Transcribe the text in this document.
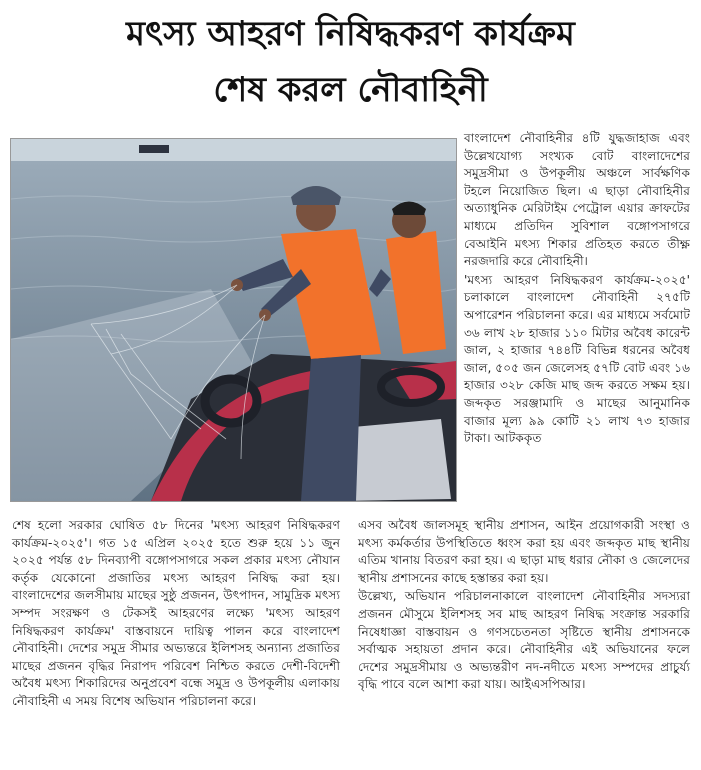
মৎস্য আহরণ নিষিদ্ধকরণ কার্যক্রম
শেষ করল নৌবাহিনী

বাংলাদেশ নৌবাহিনীর ৪টি যুদ্ধজাহাজ এবং উল্লেখযোগ্য সংখ্যক বোট বাংলাদেশের সমুদ্রসীমা ও উপকূলীয় অঞ্চলে সার্বক্ষণিক টহলে নিয়োজিত ছিল। এ ছাড়া নৌবাহিনীর অত্যাধুনিক মেরিটাইম পেট্রোল এয়ার ক্রাফটের মাধ্যমে প্রতিদিন সুবিশাল বঙ্গোপসাগরে বেআইনি মৎস্য শিকার প্রতিহত করতে তীক্ষ্ণ নরজদারি করে নৌবাহিনী।

'মৎস্য আহরণ নিষিদ্ধকরণ কার্যক্রম-২০২৫' চলাকালে বাংলাদেশ নৌবাহিনী ২৭৫টি অপারেশন পরিচালনা করে। এর মাধ্যমে সর্বমোট ৩৬ লাখ ২৮ হাজার ১১০ মিটার অবৈধ কারেন্ট জাল, ২ হাজার ৭৪৪টি বিভিন্ন ধরনের অবৈধ জাল, ৫০৫ জন জেলেসহ ৫৭টি বোট এবং ১৬ হাজার ৩২৮ কেজি মাছ জব্দ করতে সক্ষম হয়। জব্দকৃত সরঞ্জামাদি ও মাছের আনুমানিক বাজার মূল্য ৯৯ কোটি ২১ লাখ ৭৩ হাজার টাকা। আটককৃত

শেষ হলো সরকার ঘোষিত ৫৮ দিনের 'মৎস্য আহরণ নিষিদ্ধকরণ কার্যক্রম-২০২৫'। গত ১৫ এপ্রিল ২০২৫ হতে শুরু হয়ে ১১ জুন ২০২৫ পর্যন্ত ৫৮ দিনব্যাপী বঙ্গোপসাগরে সকল প্রকার মৎস্য নৌযান কর্তৃক যেকোনো প্রজাতির মৎস্য আহরণ নিষিদ্ধ করা হয়। বাংলাদেশের জলসীমায় মাছের সুষ্ঠু প্রজনন, উৎপাদন, সামুদ্রিক মৎস্য সম্পদ সংরক্ষণ ও টেকসই আহরণের লক্ষ্যে 'মৎস্য আহরণ নিষিদ্ধকরণ কার্যক্রম' বাস্তবায়নে দায়িত্ব পালন করে বাংলাদেশ নৌবাহিনী। দেশের সমুদ্র সীমার অভ্যন্তরে ইলিশসহ অন্যান্য প্রজাতির মাছের প্রজনন বৃদ্ধির নিরাপদ পরিবেশ নিশ্চিত করতে দেশী-বিদেশী অবৈধ মৎস্য শিকারিদের অনুপ্রবেশ বন্ধে সমুদ্র ও উপকূলীয় এলাকায় নৌবাহিনী এ সময় বিশেষ অভিযান পরিচালনা করে।

এসব অবৈধ জালসমূহ স্থানীয় প্রশাসন, আইন প্রয়োগকারী সংস্থা ও মৎস্য কর্মকর্তার উপস্থিতিতে ধ্বংস করা হয় এবং জব্দকৃত মাছ স্থানীয় এতিম খানায় বিতরণ করা হয়। এ ছাড়া মাছ ধরার নৌকা ও জেলেদের স্থানীয় প্রশাসনের কাছে হস্তান্তর করা হয়।

উল্লেখ্য, অভিযান পরিচালনাকালে বাংলাদেশ নৌবাহিনীর সদস্যরা প্রজনন মৌসুমে ইলিশসহ সব মাছ আহরণ নিষিদ্ধ সংক্রান্ত সরকারি নিষেধাজ্ঞা বাস্তবায়ন ও গণসচেতনতা সৃষ্টিতে স্থানীয় প্রশাসনকে সর্বাত্মক সহায়তা প্রদান করে। নৌবাহিনীর এই অভিযানের ফলে দেশের সমুদ্রসীমায় ও অভ্যন্তরীণ নদ-নদীতে মৎস্য সম্পদের প্রাচুর্য্য বৃদ্ধি পাবে বলে আশা করা যায়। আইএসপিআর।
